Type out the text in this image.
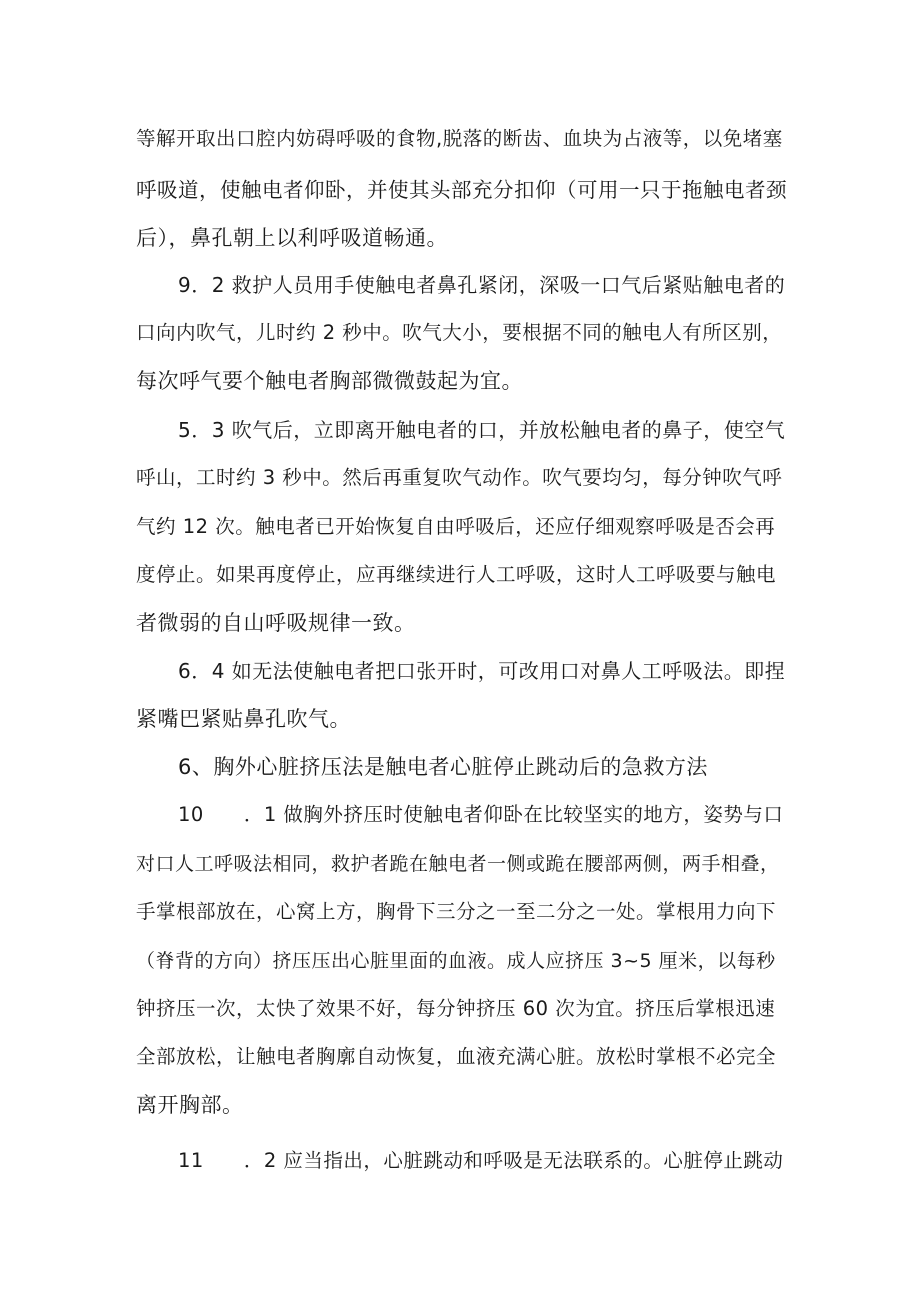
等解开取出口腔内妨碍呼吸的食物,脱落的断齿、血块为占液等，以免堵塞
呼吸道，使触电者仰卧，并使其头部充分扣仰（可用一只于拖触电者颈
后），鼻孔朝上以利呼吸道畅通。
9．2 救护人员用手使触电者鼻孔紧闭，深吸一口气后紧贴触电者的
口向内吹气，儿时约 2 秒中。吹气大小，要根据不同的触电人有所区别，
每次呼气要个触电者胸部微微鼓起为宜。
5．3 吹气后，立即离开触电者的口，并放松触电者的鼻子，使空气
呼山，工时约 3 秒中。然后再重复吹气动作。吹气要均匀，每分钟吹气呼
气约 12 次。触电者已开始恢复自由呼吸后，还应仔细观察呼吸是否会再
度停止。如果再度停止，应再继续进行人工呼吸，这时人工呼吸要与触电
者微弱的自山呼吸规律一致。
6．4 如无法使触电者把口张开时，可改用口对鼻人工呼吸法。即捏
紧嘴巴紧贴鼻孔吹气。
6、胸外心脏挤压法是触电者心脏停止跳动后的急救方法
10　　．1 做胸外挤压时使触电者仰卧在比较坚实的地方，姿势与口
对口人工呼吸法相同，救护者跪在触电者一侧或跪在腰部两侧，两手相叠，
手掌根部放在，心窝上方，胸骨下三分之一至二分之一处。掌根用力向下
（脊背的方向）挤压压出心脏里面的血液。成人应挤压 3~5 厘米，以每秒
钟挤压一次，太快了效果不好，每分钟挤压 60 次为宜。挤压后掌根迅速
全部放松，让触电者胸廓自动恢复，血液充满心脏。放松时掌根不必完全
离开胸部。
11　　．2 应当指出，心脏跳动和呼吸是无法联系的。心脏停止跳动
